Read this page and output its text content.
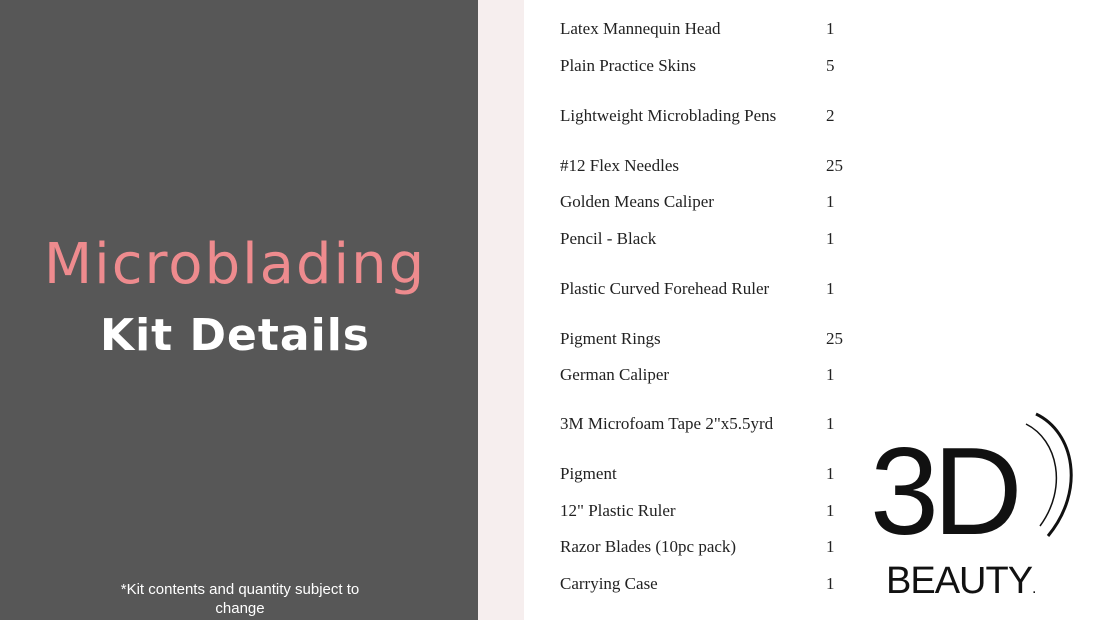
Microblading
Kit Details
*Kit contents and quantity subject to change
Latex Mannequin Head	1
Plain Practice Skins	5
Lightweight Microblading Pens	2
#12 Flex Needles	25
Golden Means Caliper	1
Pencil - Black	1
Plastic Curved Forehead Ruler	1
Pigment Rings	25
German Caliper	1
3M Microfoam Tape 2"x5.5yrd	1
Pigment	1
12" Plastic Ruler	1
Razor Blades (10pc pack)	1
Carrying Case	1
3D
BEAUTY.
